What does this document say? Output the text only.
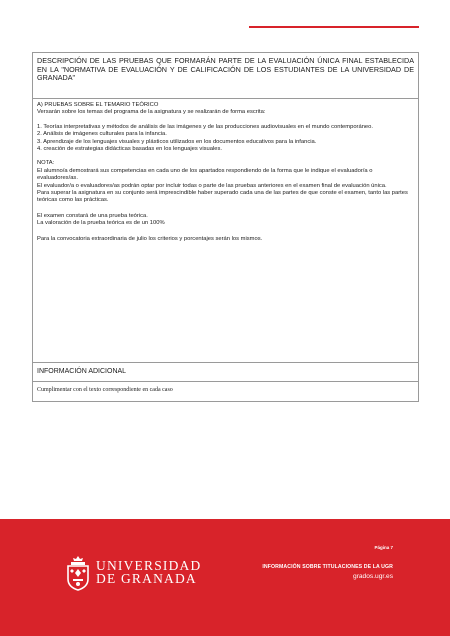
DESCRIPCIÓN DE LAS PRUEBAS QUE FORMARÁN PARTE DE LA EVALUACIÓN ÚNICA FINAL ESTABLECIDA EN LA "NORMATIVA DE EVALUACIÓN Y DE CALIFICACIÓN DE LOS ESTUDIANTES DE LA UNIVERSIDAD DE GRANADA"

A) PRUEBAS SOBRE EL TEMARIO TEÓRICO

Versarán sobre los temas del programa de la asignatura y se realizarán de forma escrita:

1. Teorías interpretativas y métodos de análisis de las imágenes y de las producciones audiovisuales en el mundo contemporáneo.

2. Análisis de imágenes culturales para la infancia.

3. Aprendizaje de los lenguajes visuales y plásticos utilizados en los documentos educativos para la infancia.

4. creación de estrategias didácticas basadas en los lenguajes visuales.

NOTA:

El alumno/a demostrará sus competencias en cada uno de los apartados respondiendo de la forma que le indique el evaluador/a o evaluadores/as.

El evaluador/a o evaluadores/as podrán optar por incluir todas o parte de las pruebas anteriores en el examen final de evaluación única.

Para superar la asignatura en su conjunto será imprescindible haber superado cada una de las partes de que conste el examen, tanto las partes teóricas como las prácticas.

El examen constará de una prueba teórica.

La valoración de la prueba teórica es de un 100%

Para la convocatoria extraordinaria de julio los criterios y porcentajes serán los mismos.

INFORMACIÓN ADICIONAL
Cumplimentar con el texto correspondiente en cada caso
UNIVERSIDAD
DE GRANADA
Página 7
INFORMACIÓN SOBRE TITULACIONES DE LA UGR
grados.ugr.es
